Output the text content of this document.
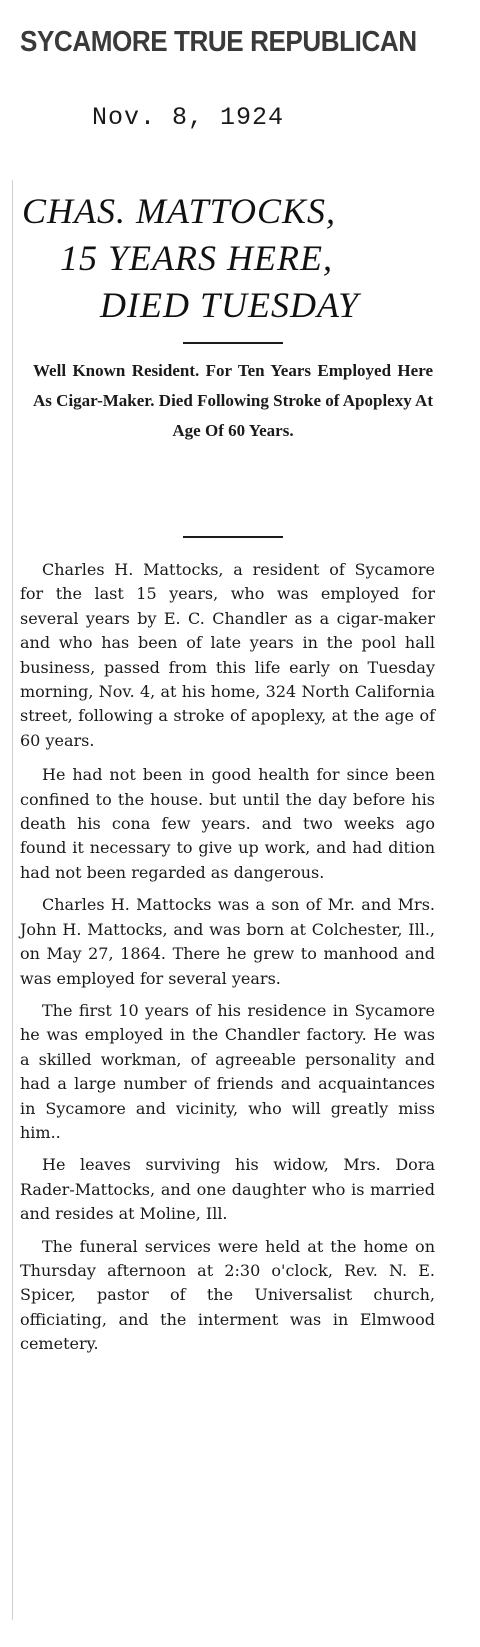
SYCAMORE TRUE REPUBLICAN
Nov. 8, 1924
CHAS. MATTOCKS,
15 YEARS HERE,
DIED TUESDAY
Well Known Resident. For Ten Years Employed Here As Cigar-Maker. Died Following Stroke of Apoplexy At Age Of 60 Years.

Charles H. Mattocks, a resident of Sycamore for the last 15 years, who was employed for several years by E. C. Chandler as a cigar-maker and who has been of late years in the pool hall business, passed from this life early on Tuesday morning, Nov. 4, at his home, 324 North California street, following a stroke of apoplexy, at the age of 60 years.

He had not been in good health for since been confined to the house. but until the day before his death his cona few years. and two weeks ago found it necessary to give up work, and had dition had not been regarded as dangerous.

Charles H. Mattocks was a son of Mr. and Mrs. John H. Mattocks, and was born at Colchester, Ill., on May 27, 1864. There he grew to manhood and was employed for several years.

The first 10 years of his residence in Sycamore he was employed in the Chandler factory. He was a skilled workman, of agreeable personality and had a large number of friends and acquaintances in Sycamore and vicinity, who will greatly miss him..

He leaves surviving his widow, Mrs. Dora Rader-Mattocks, and one daughter who is married and resides at Moline, Ill.

The funeral services were held at the home on Thursday afternoon at 2:30 o'clock, Rev. N. E. Spicer, pastor of the Universalist church, officiating, and the interment was in Elmwood cemetery.
